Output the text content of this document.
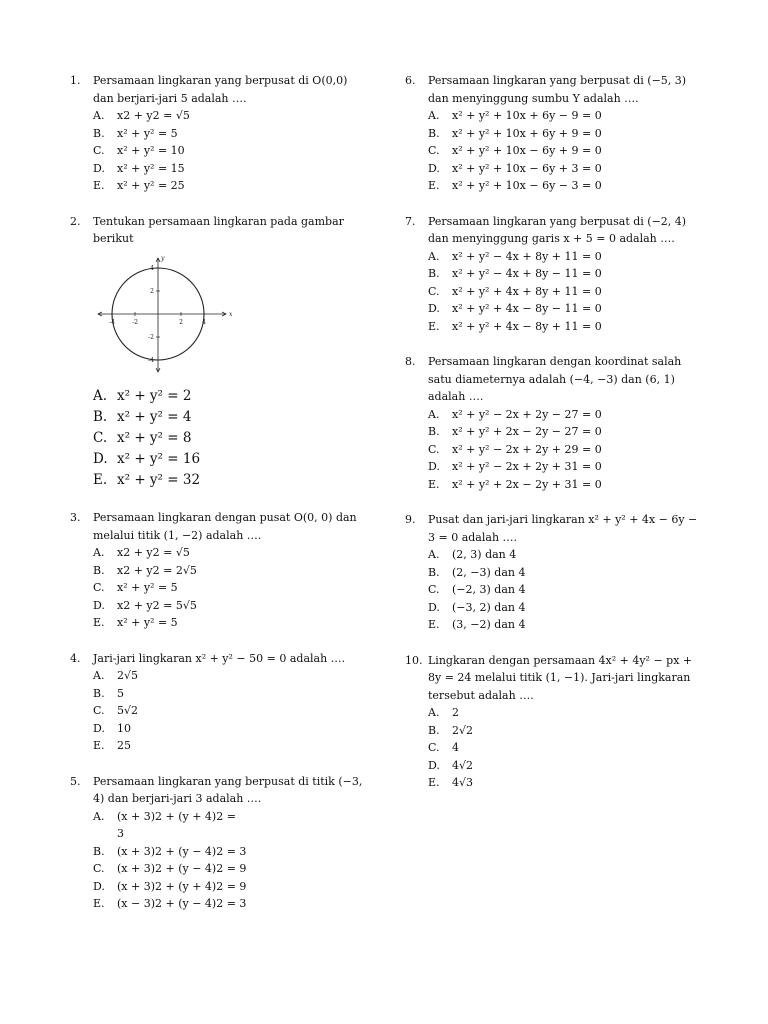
1.	Persamaan lingkaran yang berpusat di O(0,0) dan berjari-jari 5 adalah ….
A. x2 + y2 = √5
B. x² + y² = 5
C. x² + y² = 10
D. x² + y² = 15
E. x² + y² = 25
2.	Tentukan persamaan lingkaran pada gambar berikut
-4	-2	2	4
4
2
-2
-4
x
y
A. x² + y² = 2
B. x² + y² = 4
C. x² + y² = 8
D. x² + y² = 16
E. x² + y² = 32
3.	Persamaan lingkaran dengan pusat O(0, 0) dan melalui titik (1, −2) adalah ….
A. x2 + y2 = √5
B. x2 + y2 = 2√5
C. x² + y² = 5
D. x2 + y2 = 5√5
E. x² + y² = 5
4.	Jari-jari lingkaran x² + y² − 50 = 0 adalah ….
A. 2√5
B. 5
C. 5√2
D. 10
E. 25
5.	Persamaan lingkaran yang berpusat di titik (−3, 4) dan berjari-jari 3 adalah ….
A. (x + 3)2 + (y + 4)2 =
3
B. (x + 3)2 + (y − 4)2 = 3
C. (x + 3)2 + (y − 4)2 = 9
D. (x + 3)2 + (y + 4)2 = 9
E. (x − 3)2 + (y − 4)2 = 3
6.	Persamaan lingkaran yang berpusat di (−5, 3) dan menyinggung sumbu Y adalah ….
A. x² + y² + 10x + 6y − 9 = 0
B. x² + y² + 10x + 6y + 9 = 0
C. x² + y² + 10x − 6y + 9 = 0
D. x² + y² + 10x − 6y + 3 = 0
E. x² + y² + 10x − 6y − 3 = 0
7.	Persamaan lingkaran yang berpusat di (−2, 4) dan menyinggung garis x + 5 = 0 adalah ….
A. x² + y² − 4x + 8y + 11 = 0
B. x² + y² − 4x + 8y − 11 = 0
C. x² + y² + 4x + 8y + 11 = 0
D. x² + y² + 4x − 8y − 11 = 0
E. x² + y² + 4x − 8y + 11 = 0
8.	Persamaan lingkaran dengan koordinat salah satu diameternya adalah (−4, −3) dan (6, 1) adalah ….
A. x² + y² − 2x + 2y − 27 = 0
B. x² + y² + 2x − 2y − 27 = 0
C. x² + y² − 2x + 2y + 29 = 0
D. x² + y² − 2x + 2y + 31 = 0
E. x² + y² + 2x − 2y + 31 = 0
9.	Pusat dan jari-jari lingkaran x² + y² + 4x − 6y − 3 = 0 adalah ….
A. (2, 3) dan 4
B. (2, −3) dan 4
C. (−2, 3) dan 4
D. (−3, 2) dan 4
E. (3, −2) dan 4
10. Lingkaran dengan persamaan 4x² + 4y² − px + 8y = 24 melalui titik (1, −1). Jari-jari lingkaran tersebut adalah ….
A. 2
B. 2√2
C. 4
D. 4√2
E. 4√3
